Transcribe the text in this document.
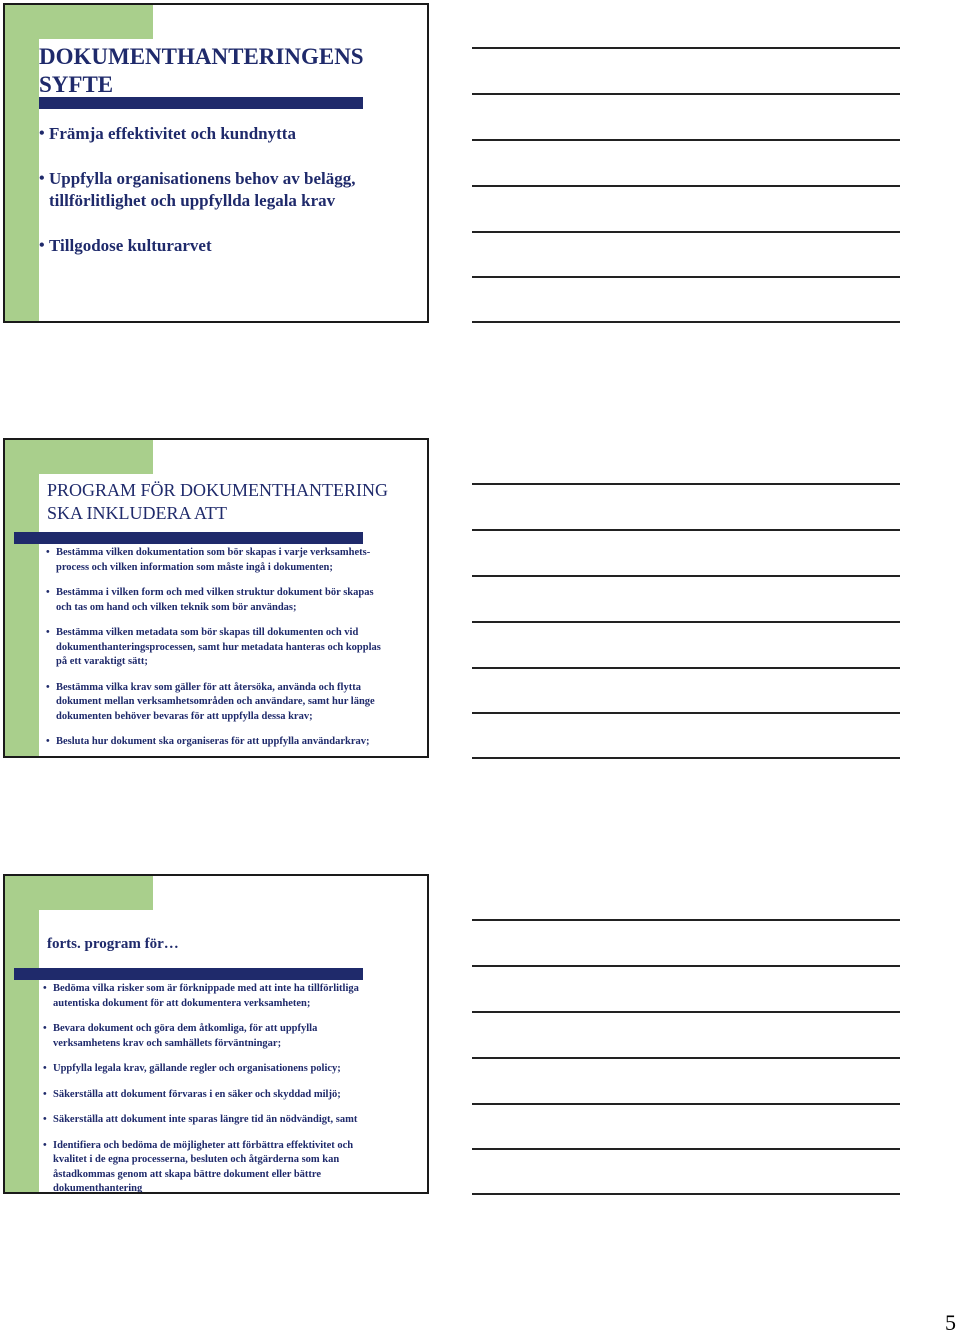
DOKUMENTHANTERINGENS
SYFTE
• Främja effektivitet och kundnytta
• Uppfylla organisationens behov av belägg,
tillförlitlighet och uppfyllda legala krav
• Tillgodose kulturarvet
PROGRAM FÖR DOKUMENTHANTERING
SKA INKLUDERA ATT
• Bestämma vilken dokumentation som bör skapas i varje verksamhets-
process och vilken information som måste ingå i dokumenten;
• Bestämma i vilken form och med vilken struktur dokument bör skapas
och tas om hand och vilken teknik som bör användas;
• Bestämma vilken metadata som bör skapas till dokumenten och vid
dokumenthanteringsprocessen, samt hur metadata hanteras och kopplas
på ett varaktigt sätt;
• Bestämma vilka krav som gäller för att återsöka, använda och flytta
dokument mellan verksamhetsområden och användare, samt hur länge
dokumenten behöver bevaras för att uppfylla dessa krav;
• Besluta hur dokument ska organiseras för att uppfylla användarkrav;
forts. program för…
• Bedöma vilka risker som är förknippade med att inte ha tillförlitliga
autentiska dokument för att dokumentera verksamheten;
• Bevara dokument och göra dem åtkomliga, för att uppfylla
verksamhetens krav och samhällets förväntningar;
• Uppfylla legala krav, gällande regler och organisationens policy;
• Säkerställa att dokument förvaras i en säker och skyddad miljö;
• Säkerställa att dokument inte sparas längre tid än nödvändigt, samt
• Identifiera och bedöma de möjligheter att förbättra effektivitet och
kvalitet i de egna processerna, besluten och åtgärderna som kan
åstadkommas genom att skapa bättre dokument eller bättre
dokumenthantering
5
